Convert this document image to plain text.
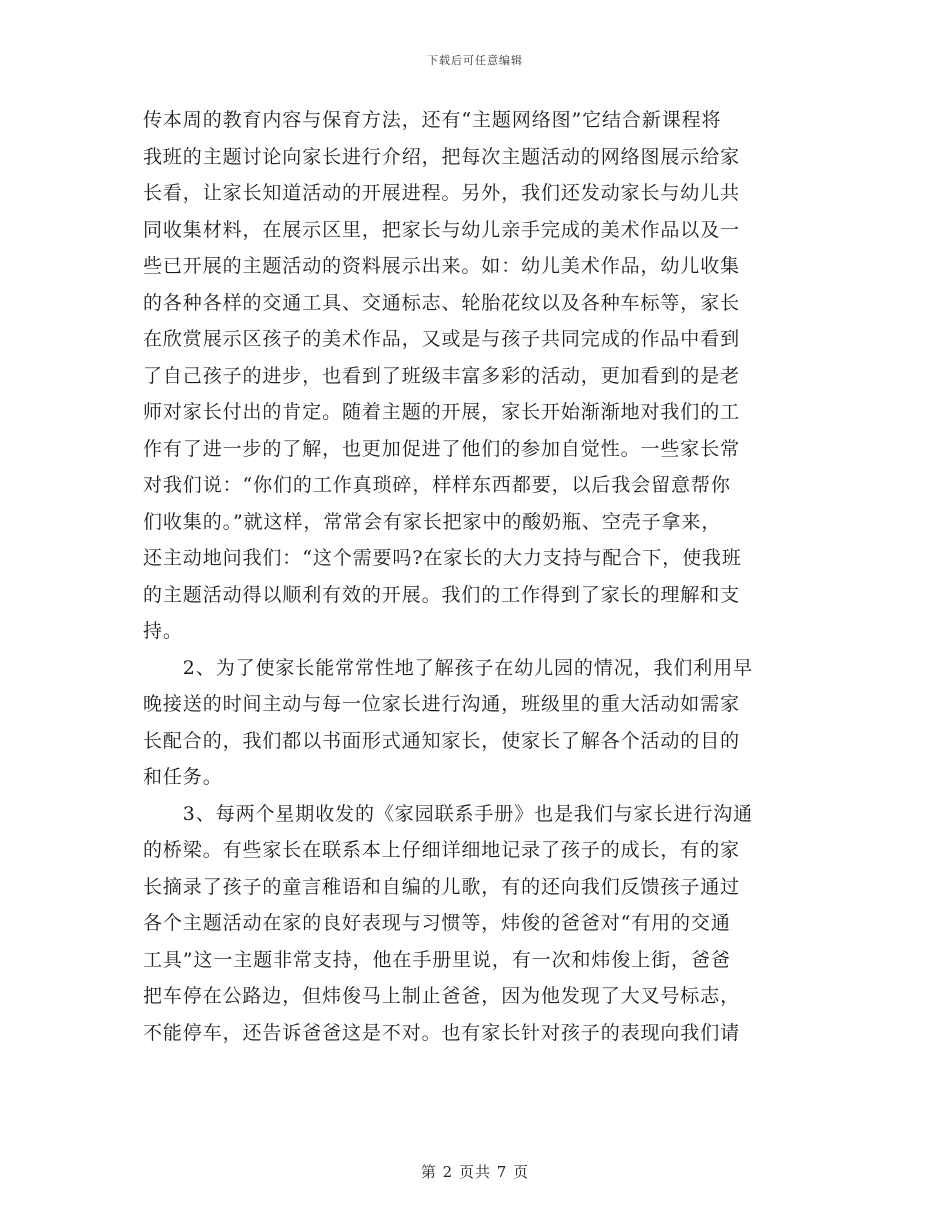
下载后可任意编辑
传本周的教育内容与保育方法，还有“主题网络图”它结合新课程将
我班的主题讨论向家长进行介绍，把每次主题活动的网络图展示给家
长看，让家长知道活动的开展进程。另外，我们还发动家长与幼儿共
同收集材料，在展示区里，把家长与幼儿亲手完成的美术作品以及一
些已开展的主题活动的资料展示出来。如：幼儿美术作品，幼儿收集
的各种各样的交通工具、交通标志、轮胎花纹以及各种车标等，家长
在欣赏展示区孩子的美术作品，又或是与孩子共同完成的作品中看到
了自己孩子的进步，也看到了班级丰富多彩的活动，更加看到的是老
师对家长付出的肯定。随着主题的开展，家长开始渐渐地对我们的工
作有了进一步的了解，也更加促进了他们的参加自觉性。一些家长常
对我们说：“你们的工作真琐碎，样样东西都要，以后我会留意帮你
们收集的。”就这样，常常会有家长把家中的酸奶瓶、空壳子拿来，
还主动地问我们：“这个需要吗?在家长的大力支持与配合下，使我班
的主题活动得以顺利有效的开展。我们的工作得到了家长的理解和支
持。
　　2、为了使家长能常常性地了解孩子在幼儿园的情况，我们利用早
晚接送的时间主动与每一位家长进行沟通，班级里的重大活动如需家
长配合的，我们都以书面形式通知家长，使家长了解各个活动的目的
和任务。
　　3、每两个星期收发的《家园联系手册》也是我们与家长进行沟通
的桥梁。有些家长在联系本上仔细详细地记录了孩子的成长，有的家
长摘录了孩子的童言稚语和自编的儿歌，有的还向我们反馈孩子通过
各个主题活动在家的良好表现与习惯等，炜俊的爸爸对“有用的交通
工具”这一主题非常支持，他在手册里说，有一次和炜俊上街，爸爸
把车停在公路边，但炜俊马上制止爸爸，因为他发现了大叉号标志，
不能停车，还告诉爸爸这是不对。也有家长针对孩子的表现向我们请
第 2 页共 7 页
